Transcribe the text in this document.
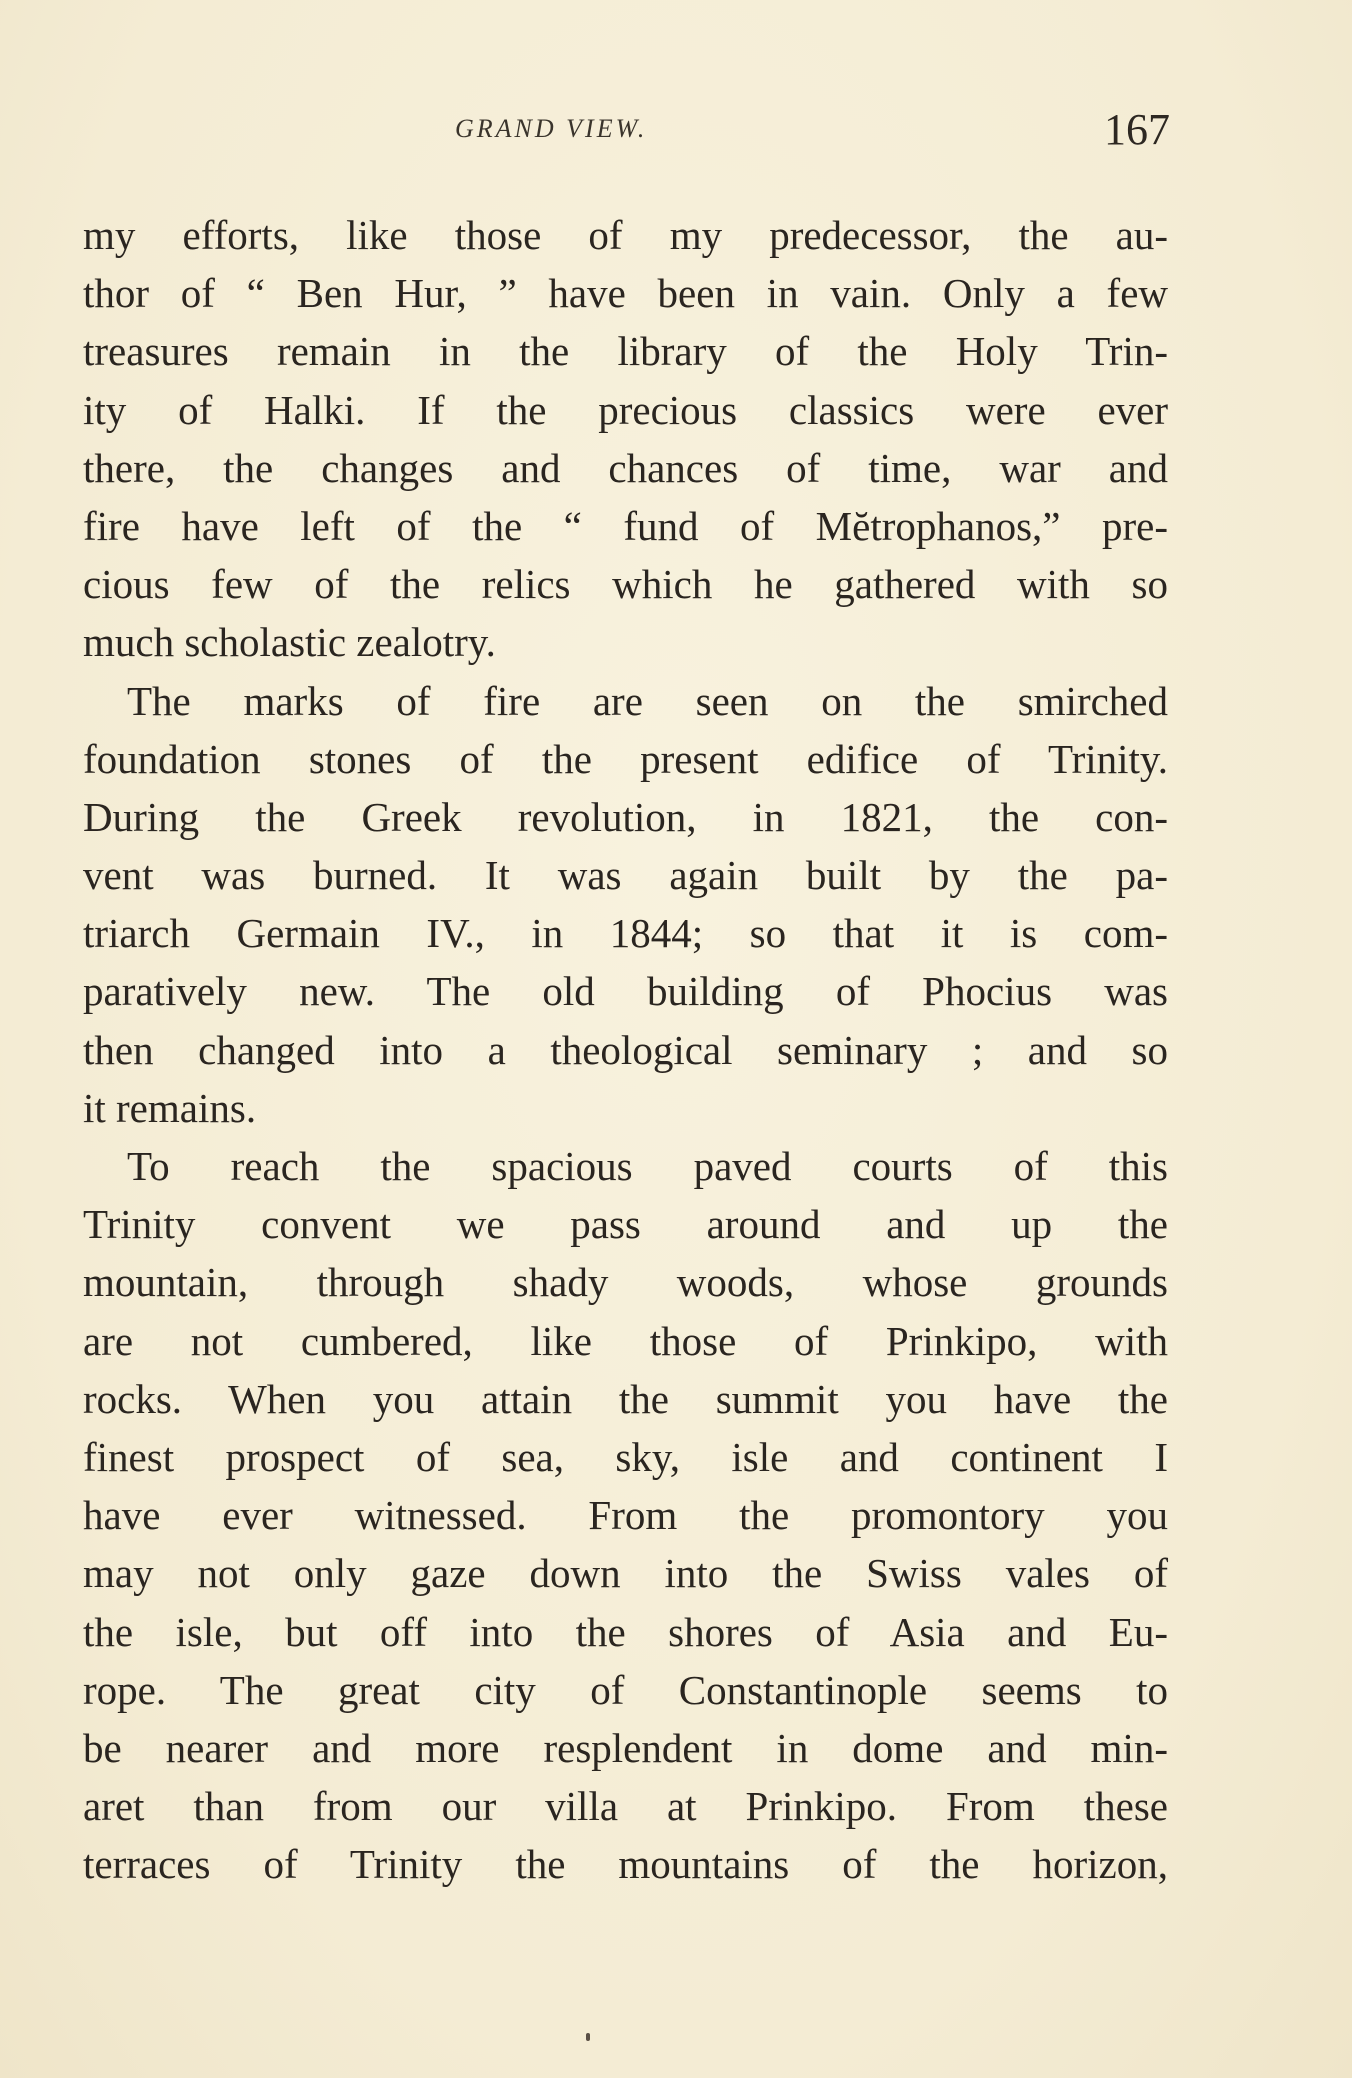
GRAND VIEW.	167
my efforts, like those of my predecessor, the au-
thor of “ Ben Hur, ” have been in vain. Only a few
treasures remain in the library of the Holy Trin-
ity of Halki. If the precious classics were ever
there, the changes and chances of time, war and
fire have left of the “ fund of Mĕtrophanos,” pre-
cious few of the relics which he gathered with so
much scholastic zealotry.
The marks of fire are seen on the smirched
foundation stones of the present edifice of Trinity.
During the Greek revolution, in 1821, the con-
vent was burned. It was again built by the pa-
triarch Germain IV., in 1844; so that it is com-
paratively new. The old building of Phocius was
then changed into a theological seminary ; and so
it remains.
To reach the spacious paved courts of this
Trinity convent we pass around and up the
mountain, through shady woods, whose grounds
are not cumbered, like those of Prinkipo, with
rocks. When you attain the summit you have the
finest prospect of sea, sky, isle and continent I
have ever witnessed. From the promontory you
may not only gaze down into the Swiss vales of
the isle, but off into the shores of Asia and Eu-
rope. The great city of Constantinople seems to
be nearer and more resplendent in dome and min-
aret than from our villa at Prinkipo. From these
terraces of Trinity the mountains of the horizon,
